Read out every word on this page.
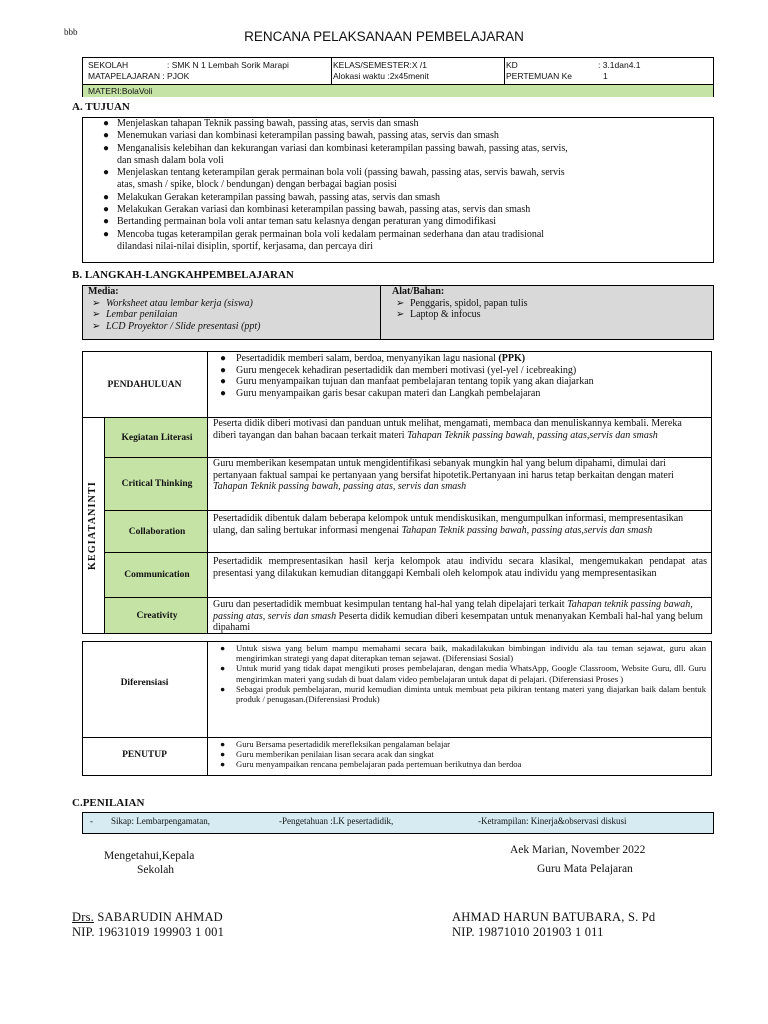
bbb	RENCANA PELAKSANAAN PEMBELAJARAN
SEKOLAH	: SMK N 1 Lembah Sorik Marapi
MATAPELAJARAN : PJOK
KELAS/SEMESTER:X /1
Alokasi waktu :2x45menit
KD	: 3.1dan4.1
PERTEMUAN Ke	1
MATERI:BolaVoli
A. TUJUAN
● Menjelaskan tahapan Teknik passing bawah, passing atas, servis dan smash
● Menemukan variasi dan kombinasi keterampilan passing bawah, passing atas, servis dan smash
● Menganalisis kelebihan dan kekurangan variasi dan kombinasi keterampilan passing bawah, passing atas, servis,
dan smash dalam bola voli
● Menjelaskan tentang keterampilan gerak permainan bola voli (passing bawah, passing atas, servis bawah, servis
atas, smash / spike, block / bendungan) dengan berbagai bagian posisi
● Melakukan Gerakan keterampilan passing bawah, passing atas, servis dan smash
● Melakukan Gerakan variasi dan kombinasi keterampilan passing bawah, passing atas, servis dan smash
● Bertanding permainan bola voli antar teman satu kelasnya dengan peraturan yang dimodifikasi
● Mencoba tugas keterampilan gerak permainan bola voli kedalam permainan sederhana dan atau tradisional
dilandasi nilai-nilai disiplin, sportif, kerjasama, dan percaya diri
B. LANGKAH-LANGKAHPEMBELAJARAN
Media:
➢ Worksheet atau lembar kerja (siswa)
➢ Lembar penilaian
➢ LCD Proyektor / Slide presentasi (ppt)
Alat/Bahan:
➢ Penggaris, spidol, papan tulis
➢ Laptop & infocus
PENDAHULUAN
● Pesertadidik memberi salam, berdoa, menyanyikan lagu nasional (PPK)
● Guru mengecek kehadiran pesertadidik dan memberi motivasi (yel-yel / icebreaking)
● Guru menyampaikan tujuan dan manfaat pembelajaran tentang topik yang akan diajarkan
● Guru menyampaikan garis besar cakupan materi dan Langkah pembelajaran
KEGIATANINTI
Kegiatan Literasi
Peserta didik diberi motivasi dan panduan untuk melihat, mengamati, membaca dan menuliskannya kembali. Mereka diberi tayangan dan bahan bacaan terkait materi Tahapan Teknik passing bawah, passing atas,servis dan smash
Critical Thinking
Guru memberikan kesempatan untuk mengidentifikasi sebanyak mungkin hal yang belum dipahami, dimulai dari pertanyaan faktual sampai ke pertanyaan yang bersifat hipotetik.Pertanyaan ini harus tetap berkaitan dengan materi Tahapan Teknik passing bawah, passing atas, servis dan smash
Collaboration
Pesertadidik dibentuk dalam beberapa kelompok untuk mendiskusikan, mengumpulkan informasi, mempresentasikan ulang, dan saling bertukar informasi mengenai Tahapan Teknik passing bawah, passing atas,servis dan smash
Communication
Pesertadidik mempresentasikan hasil kerja kelompok atau individu secara klasikal, mengemukakan pendapat atas presentasi yang dilakukan kemudian ditanggapi Kembali oleh kelompok atau individu yang mempresentasikan
Creativity
Guru dan pesertadidik membuat kesimpulan tentang hal-hal yang telah dipelajari terkait Tahapan teknik passing bawah, passing atas, servis dan smash Peserta didik kemudian diberi kesempatan untuk menanyakan Kembali hal-hal yang belum dipahami
Diferensiasi
● Untuk siswa yang belum mampu memahami secara baik, makadilakukan bimbingan individu ala tau teman sejawat, guru akan mengirimkan strategi yang dapat diterapkan teman sejawat. (Diferensiasi Sosial)
● Untuk murid yang tidak dapat mengikuti proses pembelajaran, dengan media WhatsApp, Google Classroom, Website Guru, dll. Guru mengirimkan materi yang sudah di buat dalam video pembelajaran untuk dapat di pelajari. (Diferensiasi Proses )
● Sebagai produk pembelajaran, murid kemudian diminta untuk membuat peta pikiran tentang materi yang diajarkan baik dalam bentuk produk / penugasan.(Diferensiasi Produk)
PENUTUP
● Guru Bersama pesertadidik merefleksikan pengalaman belajar
● Guru memberikan penilaian lisan secara acak dan singkat
● Guru menyampaikan rencana pembelajaran pada pertemuan berikutnya dan berdoa
C.PENILAIAN
- Sikap: Lembarpengamatan,	-Pengetahuan :LK pesertadidik,	-Ketrampilan: Kinerja&observasi diskusi
Mengetahui,Kepala
Sekolah
Aek Marian, November 2022
Guru Mata Pelajaran
Drs. SABARUDIN AHMAD
NIP. 19631019 199903 1 001
AHMAD HARUN BATUBARA, S. Pd
NIP. 19871010 201903 1 011
